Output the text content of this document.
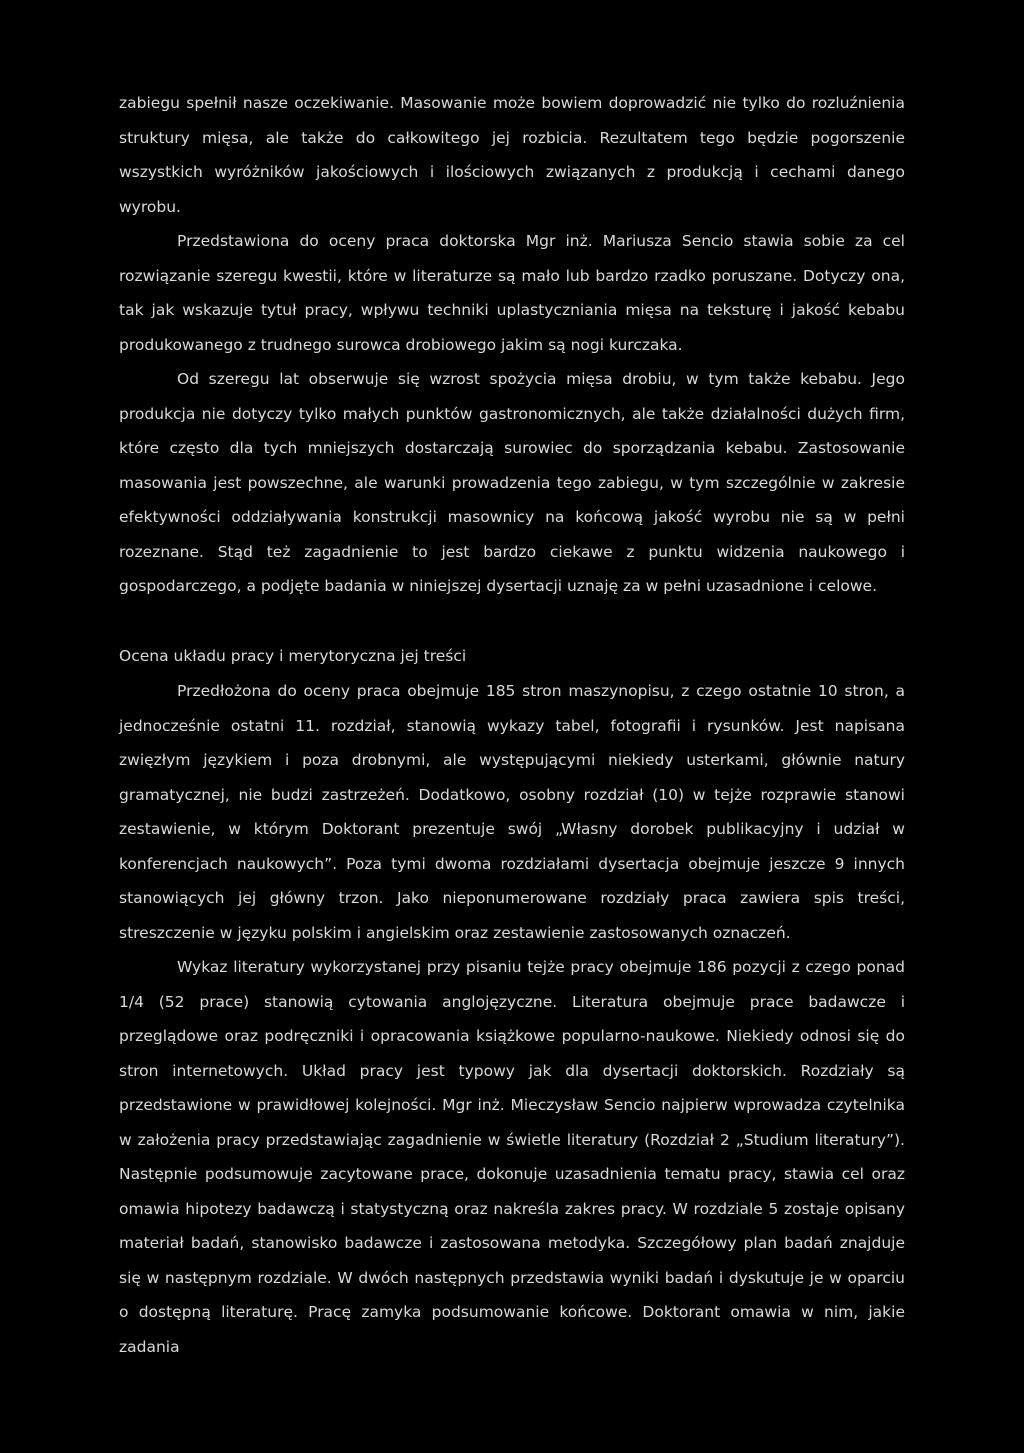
zabiegu spełnił nasze oczekiwanie. Masowanie może bowiem doprowadzić nie tylko do rozluźnienia struktury mięsa, ale także do całkowitego jej rozbicia. Rezultatem tego będzie pogorszenie wszystkich wyróżników jakościowych i ilościowych związanych z produkcją i cechami danego wyrobu.

Przedstawiona do oceny praca doktorska Mgr inż. Mariusza Sencio stawia sobie za cel rozwiązanie szeregu kwestii, które w literaturze są mało lub bardzo rzadko poruszane. Dotyczy ona, tak jak wskazuje tytuł pracy, wpływu techniki uplastyczniania mięsa na teksturę i jakość kebabu produkowanego z trudnego surowca drobiowego jakim są nogi kurczaka.

Od szeregu lat obserwuje się wzrost spożycia mięsa drobiu, w tym także kebabu. Jego produkcja nie dotyczy tylko małych punktów gastronomicznych, ale także działalności dużych firm, które często dla tych mniejszych dostarczają surowiec do sporządzania kebabu. Zastosowanie masowania jest powszechne, ale warunki prowadzenia tego zabiegu, w tym szczególnie w zakresie efektywności oddziaływania konstrukcji masownicy na końcową jakość wyrobu nie są w pełni rozeznane. Stąd też zagadnienie to jest bardzo ciekawe z punktu widzenia naukowego i gospodarczego, a podjęte badania w niniejszej dysertacji uznaję za w pełni uzasadnione i celowe.

Ocena układu pracy i merytoryczna jej treści

Przedłożona do oceny praca obejmuje 185 stron maszynopisu, z czego ostatnie 10 stron, a jednocześnie ostatni 11. rozdział, stanowią wykazy tabel, fotografii i rysunków. Jest napisana zwięzłym językiem i poza drobnymi, ale występującymi niekiedy usterkami, głównie natury gramatycznej, nie budzi zastrzeżeń. Dodatkowo, osobny rozdział (10) w tejże rozprawie stanowi zestawienie, w którym Doktorant prezentuje swój „Własny dorobek publikacyjny i udział w konferencjach naukowych”. Poza tymi dwoma rozdziałami dysertacja obejmuje jeszcze 9 innych stanowiących jej główny trzon. Jako nieponumerowane rozdziały praca zawiera spis treści, streszczenie w języku polskim i angielskim oraz zestawienie zastosowanych oznaczeń.

Wykaz literatury wykorzystanej przy pisaniu tejże pracy obejmuje 186 pozycji z czego ponad 1/4 (52 prace) stanowią cytowania anglojęzyczne. Literatura obejmuje prace badawcze i przeglądowe oraz podręczniki i opracowania książkowe popularno-naukowe. Niekiedy odnosi się do stron internetowych. Układ pracy jest typowy jak dla dysertacji doktorskich. Rozdziały są przedstawione w prawidłowej kolejności. Mgr inż. Mieczysław Sencio najpierw wprowadza czytelnika w założenia pracy przedstawiając zagadnienie w świetle literatury (Rozdział 2 „Studium literatury”). Następnie podsumowuje zacytowane prace, dokonuje uzasadnienia tematu pracy, stawia cel oraz omawia hipotezy badawczą i statystyczną oraz nakreśla zakres pracy. W rozdziale 5 zostaje opisany materiał badań, stanowisko badawcze i zastosowana metodyka. Szczegółowy plan badań znajduje się w następnym rozdziale. W dwóch następnych przedstawia wyniki badań i dyskutuje je w oparciu o dostępną literaturę. Pracę zamyka podsumowanie końcowe. Doktorant omawia w nim, jakie zadania
